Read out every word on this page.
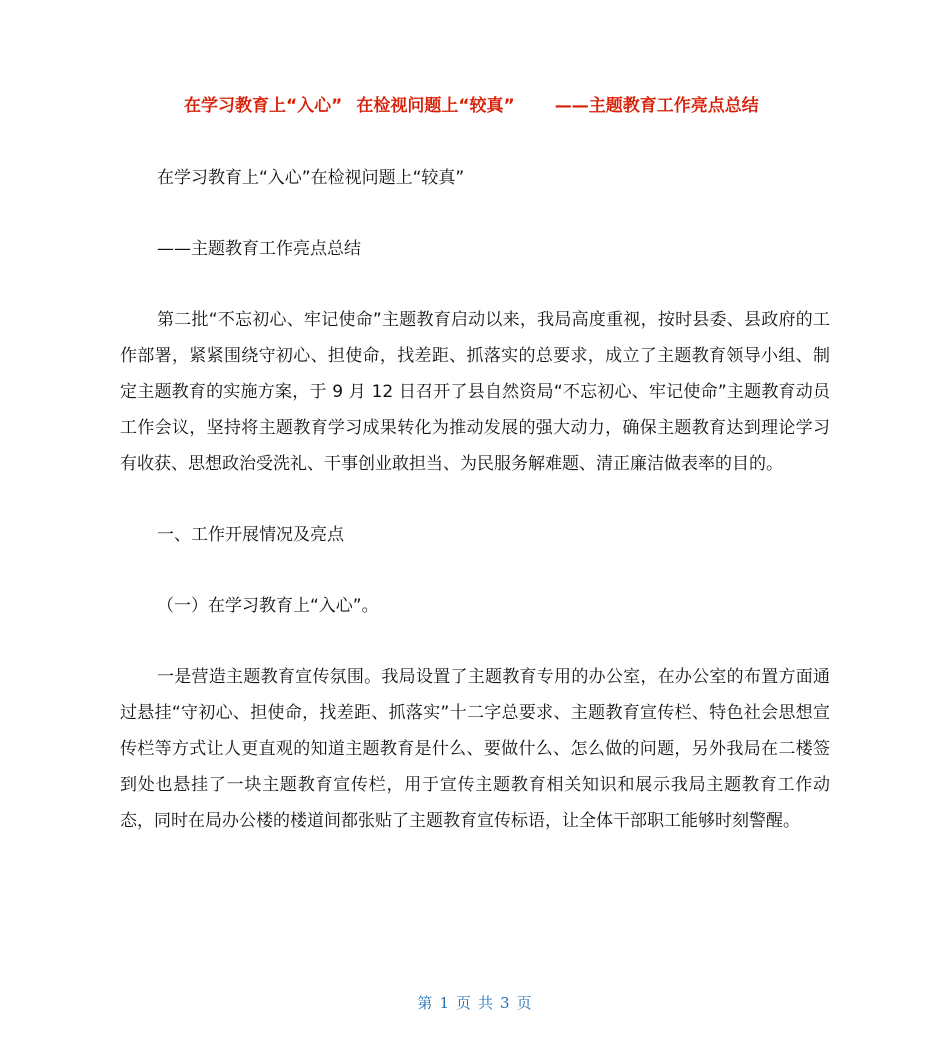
在学习教育上“入心” 在检视问题上“较真” ——主题教育工作亮点总结

在学习教育上“入心”在检视问题上“较真”

——主题教育工作亮点总结

第二批“不忘初心、牢记使命”主题教育启动以来，我局高度重视，按时县委、县政府的工作部署，紧紧围绕守初心、担使命，找差距、抓落实的总要求，成立了主题教育领导小组、制定主题教育的实施方案，于 9 月 12 日召开了县自然资局“不忘初心、牢记使命”主题教育动员工作会议，坚持将主题教育学习成果转化为推动发展的强大动力，确保主题教育达到理论学习有收获、思想政治受洗礼、干事创业敢担当、为民服务解难题、清正廉洁做表率的目的。

一、工作开展情况及亮点

（一）在学习教育上“入心”。

一是营造主题教育宣传氛围。我局设置了主题教育专用的办公室，在办公室的布置方面通过悬挂“守初心、担使命，找差距、抓落实”十二字总要求、主题教育宣传栏、特色社会思想宣传栏等方式让人更直观的知道主题教育是什么、要做什么、怎么做的问题，另外我局在二楼签到处也悬挂了一块主题教育宣传栏，用于宣传主题教育相关知识和展示我局主题教育工作动态，同时在局办公楼的楼道间都张贴了主题教育宣传标语，让全体干部职工能够时刻警醒。

第 1 页 共 3 页
